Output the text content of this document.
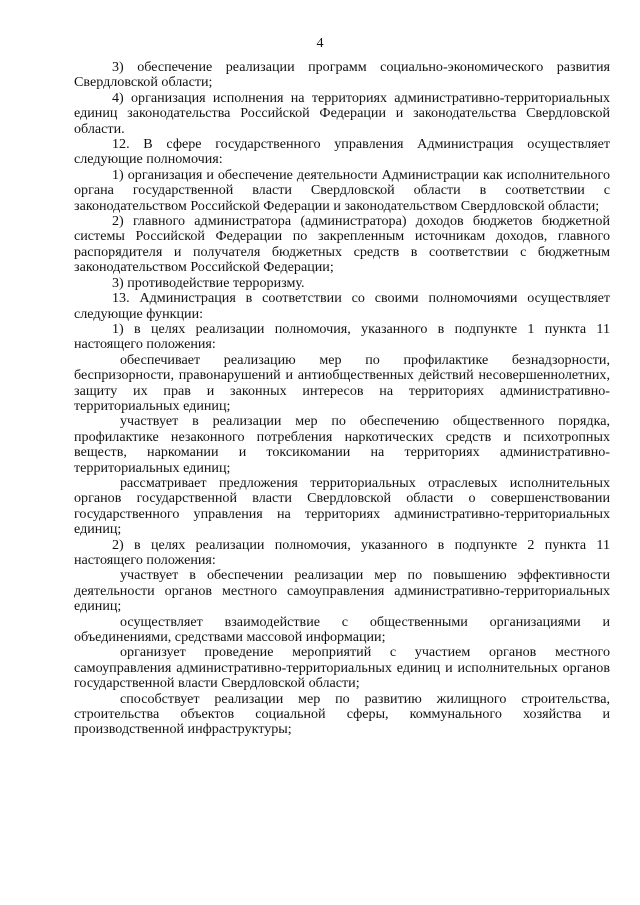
4

3) обеспечение реализации программ социально-экономического развития Свердловской области;

4) организация исполнения на территориях административно-территориальных единиц законодательства Российской Федерации и законодательства Свердловской области.

12. В сфере государственного управления Администрация осуществляет следующие полномочия:

1) организация и обеспечение деятельности Администрации как исполнительного органа государственной власти Свердловской области в соответствии с законодательством Российской Федерации и законодательством Свердловской области;

2) главного администратора (администратора) доходов бюджетов бюджетной системы Российской Федерации по закрепленным источникам доходов, главного распорядителя и получателя бюджетных средств в соответствии с бюджетным законодательством Российской Федерации;

3) противодействие терроризму.

13. Администрация в соответствии со своими полномочиями осуществляет следующие функции:

1) в целях реализации полномочия, указанного в подпункте 1 пункта 11 настоящего положения:

обеспечивает реализацию мер по профилактике безнадзорности, беспризорности, правонарушений и антиобщественных действий несовершеннолетних, защиту их прав и законных интересов на территориях административно-территориальных единиц;

участвует в реализации мер по обеспечению общественного порядка, профилактике незаконного потребления наркотических средств и психотропных веществ, наркомании и токсикомании на территориях административно-территориальных единиц;

рассматривает предложения территориальных отраслевых исполнительных органов государственной власти Свердловской области о совершенствовании государственного управления на территориях административно-территориальных единиц;

2) в целях реализации полномочия, указанного в подпункте 2 пункта 11 настоящего положения:

участвует в обеспечении реализации мер по повышению эффективности деятельности органов местного самоуправления административно-территориальных единиц;

осуществляет взаимодействие с общественными организациями и объединениями, средствами массовой информации;

организует проведение мероприятий с участием органов местного самоуправления административно-территориальных единиц и исполнительных органов государственной власти Свердловской области;

способствует реализации мер по развитию жилищного строительства, строительства объектов социальной сферы, коммунального хозяйства и производственной инфраструктуры;
